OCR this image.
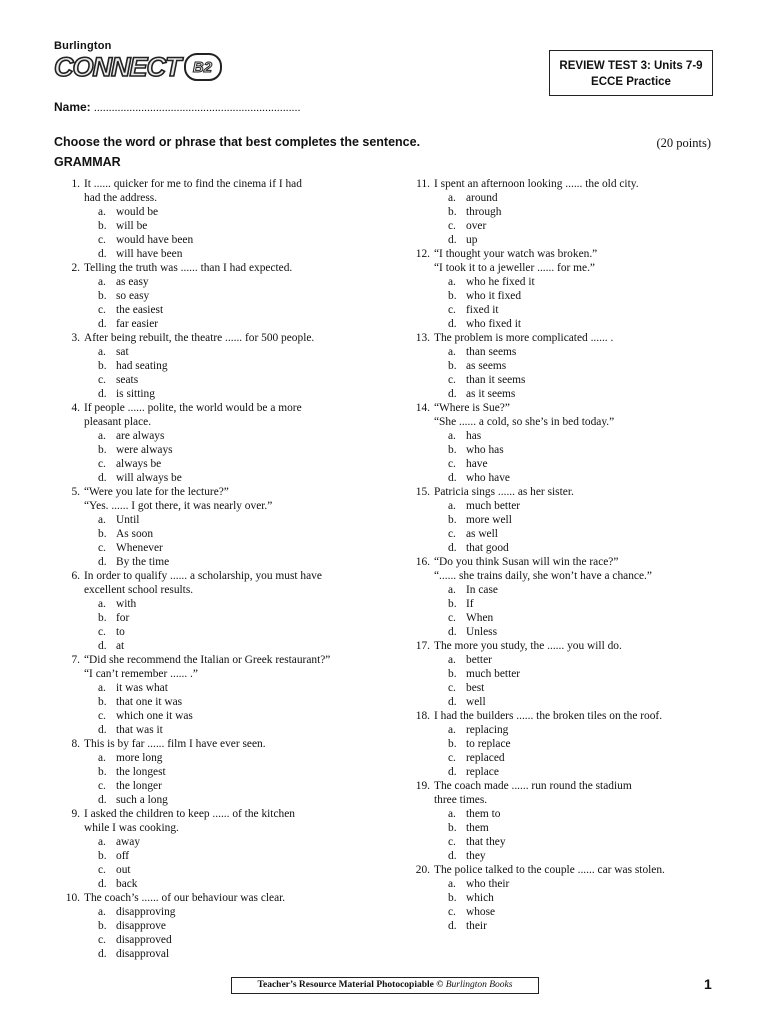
Burlington
CONNECT B2	REVIEW TEST 3: Units 7-9
ECCE Practice
Name: ......................................................................
Choose the word or phrase that best completes the sentence.	(20 points)
GRAMMAR
1. It ...... quicker for me to find the cinema if I had
had the address.
a. would be
b. will be
c. would have been
d. will have been
2. Telling the truth was ...... than I had expected.
a. as easy
b. so easy
c. the easiest
d. far easier
3. After being rebuilt, the theatre ...... for 500 people.
a. sat
b. had seating
c. seats
d. is sitting
4. If people ...... polite, the world would be a more
pleasant place.
a. are always
b. were always
c. always be
d. will always be
5. “Were you late for the lecture?”
“Yes. ...... I got there, it was nearly over.”
a. Until
b. As soon
c. Whenever
d. By the time
6. In order to qualify ...... a scholarship, you must have
excellent school results.
a. with
b. for
c. to
d. at
7. “Did she recommend the Italian or Greek restaurant?”
“I can’t remember ...... .”
a. it was what
b. that one it was
c. which one it was
d. that was it
8. This is by far ...... film I have ever seen.
a. more long
b. the longest
c. the longer
d. such a long
9. I asked the children to keep ...... of the kitchen
while I was cooking.
a. away
b. off
c. out
d. back
10. The coach’s ...... of our behaviour was clear.
a. disapproving
b. disapprove
c. disapproved
d. disapproval
11. I spent an afternoon looking ...... the old city.
a. around
b. through
c. over
d. up
12. “I thought your watch was broken.”
“I took it to a jeweller ...... for me.”
a. who he fixed it
b. who it fixed
c. fixed it
d. who fixed it
13. The problem is more complicated ...... .
a. than seems
b. as seems
c. than it seems
d. as it seems
14. “Where is Sue?”
“She ...... a cold, so she’s in bed today.”
a. has
b. who has
c. have
d. who have
15. Patricia sings ...... as her sister.
a. much better
b. more well
c. as well
d. that good
16. “Do you think Susan will win the race?”
“...... she trains daily, she won’t have a chance.”
a. In case
b. If
c. When
d. Unless
17. The more you study, the ...... you will do.
a. better
b. much better
c. best
d. well
18. I had the builders ...... the broken tiles on the roof.
a. replacing
b. to replace
c. replaced
d. replace
19. The coach made ...... run round the stadium
three times.
a. them to
b. them
c. that they
d. they
20. The police talked to the couple ...... car was stolen.
a. who their
b. which
c. whose
d. their
Teacher’s Resource Material Photocopiable © Burlington Books	1
